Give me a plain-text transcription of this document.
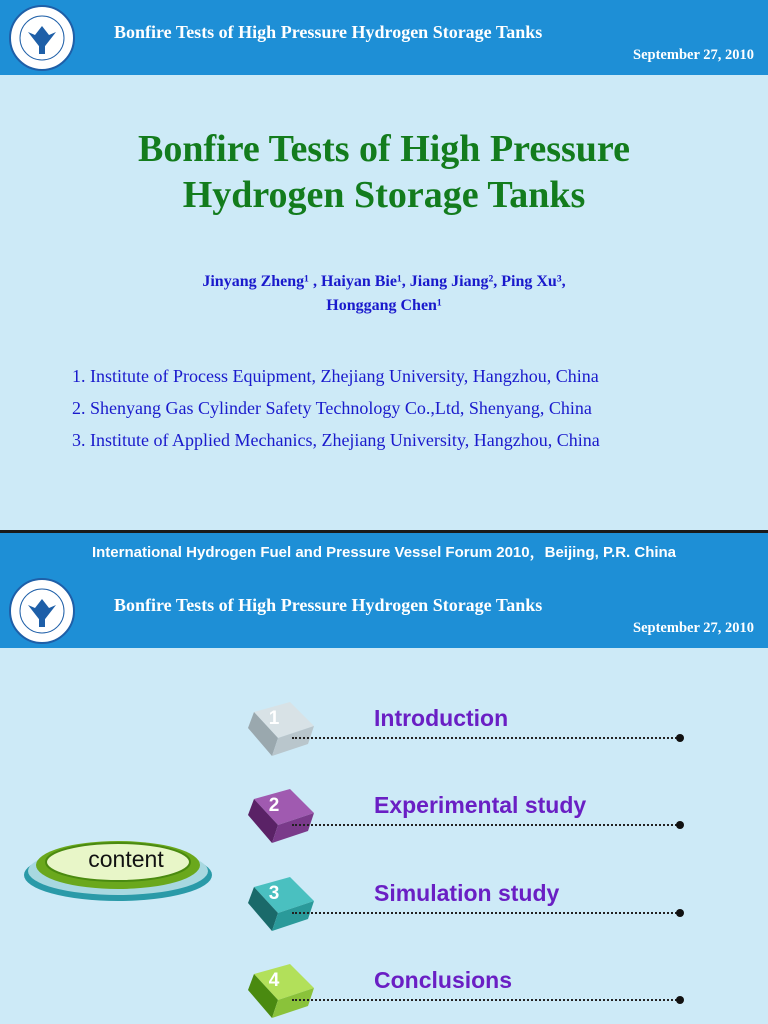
Bonfire Tests of High Pressure Hydrogen Storage Tanks
September 27, 2010
Bonfire Tests of High Pressure
Hydrogen Storage Tanks
Jinyang Zheng¹ , Haiyan Bie¹, Jiang Jiang², Ping Xu³,
Honggang Chen¹
1. Institute of Process Equipment, Zhejiang University, Hangzhou, China
2. Shenyang Gas Cylinder Safety Technology Co.,Ltd, Shenyang, China
3. Institute of Applied Mechanics, Zhejiang University, Hangzhou, China
International Hydrogen Fuel and Pressure Vessel Forum 2010，Beijing, P.R. China
Bonfire Tests of High Pressure Hydrogen Storage Tanks
September 27, 2010
content
1	Introduction
2	Experimental study
3	Simulation study
4	Conclusions
